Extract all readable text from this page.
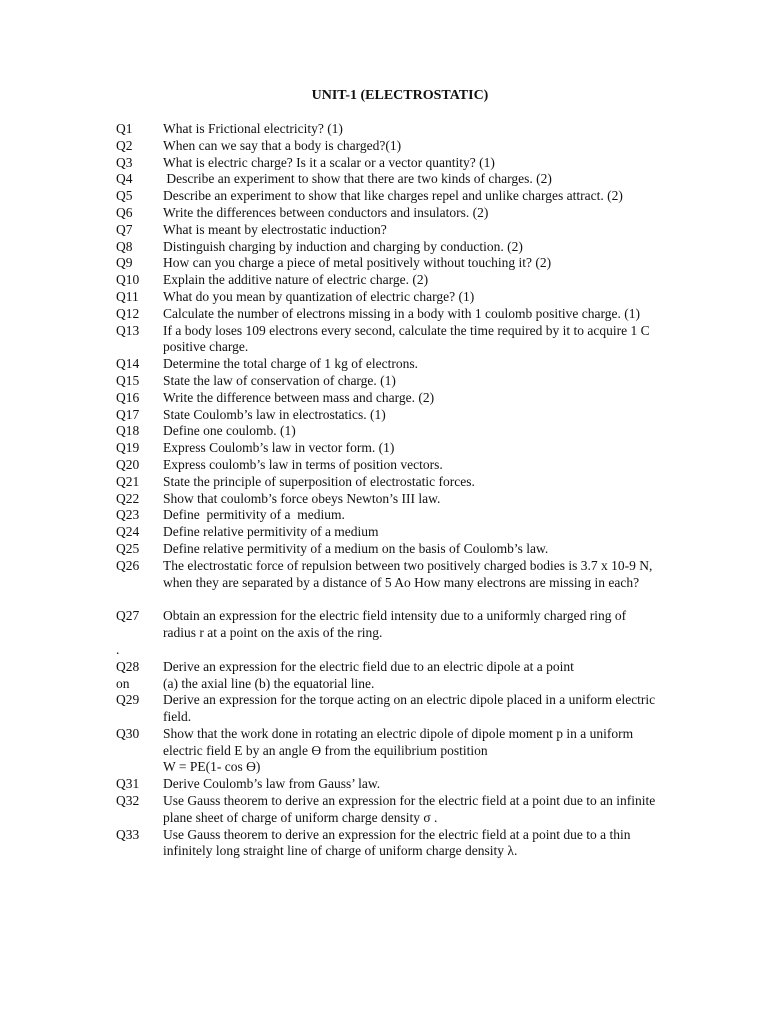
UNIT-1 (ELECTROSTATIC)
Q1	What is Frictional electricity? (1)
Q2	When can we say that a body is charged?(1)
Q3	What is electric charge? Is it a scalar or a vector quantity? (1)
Q4	Describe an experiment to show that there are two kinds of charges. (2)
Q5	Describe an experiment to show that like charges repel and unlike charges attract. (2)
Q6	Write the differences between conductors and insulators. (2)
Q7	What is meant by electrostatic induction?
Q8	Distinguish charging by induction and charging by conduction. (2)
Q9	How can you charge a piece of metal positively without touching it? (2)
Q10	Explain the additive nature of electric charge. (2)
Q11	What do you mean by quantization of electric charge? (1)
Q12	Calculate the number of electrons missing in a body with 1 coulomb positive charge. (1)
Q13	If a body loses 109 electrons every second, calculate the time required by it to acquire 1 C positive charge.
Q14	Determine the total charge of 1 kg of electrons.
Q15	State the law of conservation of charge. (1)
Q16	Write the difference between mass and charge. (2)
Q17	State Coulomb’s law in electrostatics. (1)
Q18	Define one coulomb. (1)
Q19	Express Coulomb’s law in vector form. (1)
Q20	Express coulomb’s law in terms of position vectors.
Q21	State the principle of superposition of electrostatic forces.
Q22	Show that coulomb’s force obeys Newton’s III law.
Q23	Define  permitivity of a  medium.
Q24	Define relative permitivity of a medium
Q25	Define relative permitivity of a medium on the basis of Coulomb’s law.
Q26	The electrostatic force of repulsion between two positively charged bodies is 3.7 x 10-9 N, when they are separated by a distance of 5 Ao How many electrons are missing in each?
Q27	Obtain an expression for the electric field intensity due to a uniformly charged ring of radius r at a point on the axis of the ring.
.
Q28	Derive an expression for the electric field due to an electric dipole at a point
on	(a) the axial line (b) the equatorial line.
Q29	Derive an expression for the torque acting on an electric dipole placed in a uniform electric field.
Q30	Show that the work done in rotating an electric dipole of dipole moment p in a uniform electric field E by an angle ϴ from the equilibrium postition
W = PE(1- cos ϴ)
Q31	Derive Coulomb’s law from Gauss’ law.
Q32	Use Gauss theorem to derive an expression for the electric field at a point due to an infinite plane sheet of charge of uniform charge density σ .
Q33	Use Gauss theorem to derive an expression for the electric field at a point due to a thin infinitely long straight line of charge of uniform charge density λ.
